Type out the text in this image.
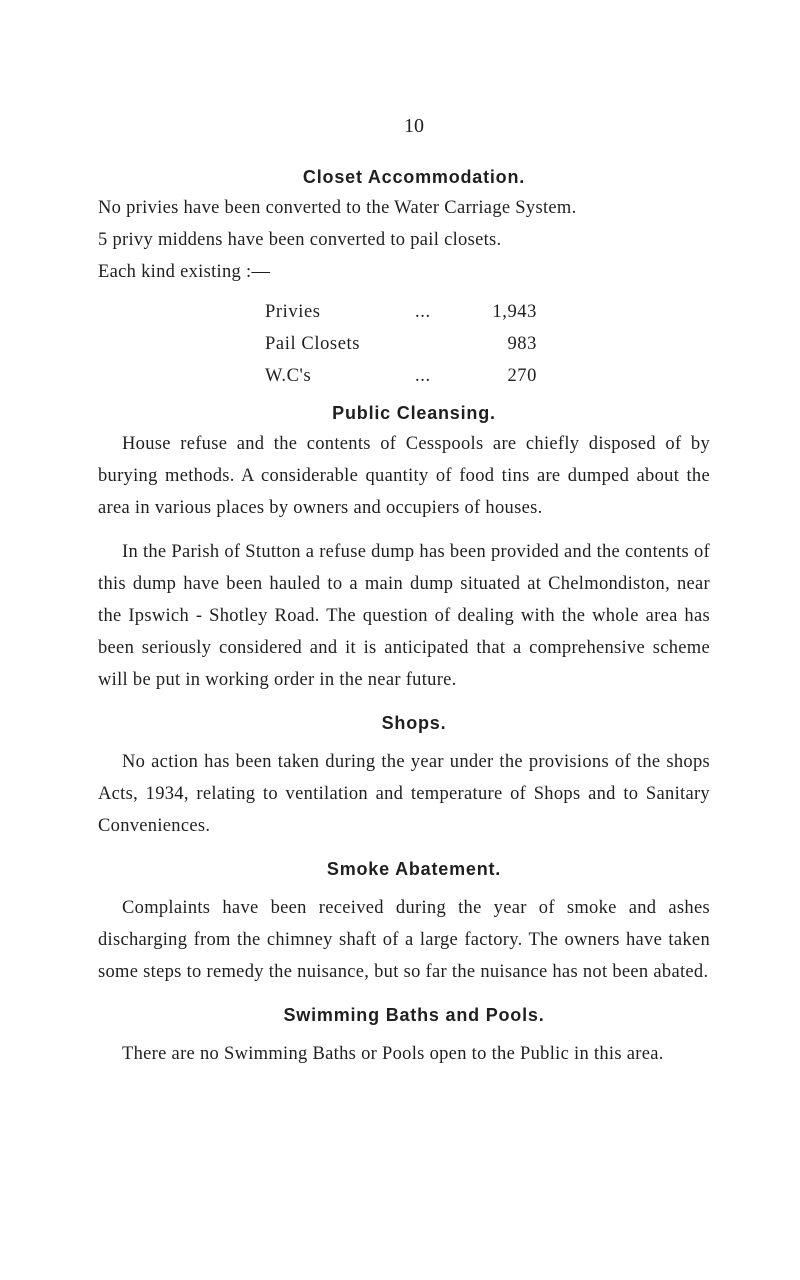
10
Closet Accommodation.

No privies have been converted to the Water Carriage System.

5 privy middens have been converted to pail closets.

Each kind existing :—

Privies	...	1,943
Pail Closets	983
W.C's	...	270
Public Cleansing.

House refuse and the contents of Cesspools are chiefly disposed of by burying methods. A considerable quantity of food tins are dumped about the area in various places by owners and occupiers of houses.

In the Parish of Stutton a refuse dump has been provided and the contents of this dump have been hauled to a main dump situated at Chelmondiston, near the Ipswich - Shotley Road. The question of dealing with the whole area has been seriously considered and it is anticipated that a comprehensive scheme will be put in working order in the near future.

Shops.

No action has been taken during the year under the provisions of the shops Acts, 1934, relating to ventilation and temperature of Shops and to Sanitary Conveniences.

Smoke Abatement.

Complaints have been received during the year of smoke and ashes discharging from the chimney shaft of a large factory. The owners have taken some steps to remedy the nuisance, but so far the nuisance has not been abated.

Swimming Baths and Pools.

There are no Swimming Baths or Pools open to the Public in this area.
